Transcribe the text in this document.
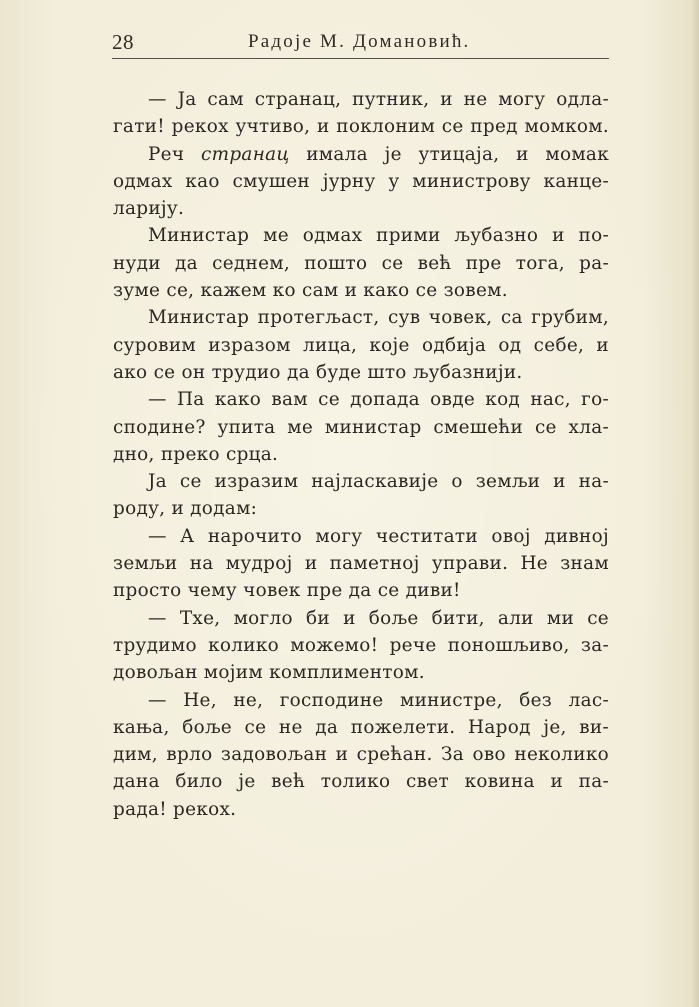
28	Радоје М. Домановић.
— Ја сам странац, путник, и не могу одла-
гати! рекох учтиво, и поклоним се пред момком.
Реч странац имала је утицаја, и момак
одмах као смушен јурну у министрову канце-
ларију.
Министар ме одмах прими љубазно и по-
нуди да седнем, пошто се већ пре тога, ра-
зуме се, кажем ко сам и како се зовем.
Министар протегљаст, сув човек, са грубим,
суровим изразом лица, које одбија од себе, и
ако се он трудио да буде што љубазнији.
— Па како вам се допада овде код нас, го-
сподине? упита ме министар смешећи се хла-
дно, преко срца.
Ја се изразим најласкавије о земљи и на-
роду, и додам:
— А нарочито могу честитати овој дивној
земљи на мудрој и паметној управи. Не знам
просто чему човек пре да се диви!
— Тхе, могло би и боље бити, али ми се
трудимо колико можемо! рече поношљиво, за-
довољан мојим комплиментом.
— Не, не, господине министре, без лас-
кања, боље се не да пожелети. Народ је, ви-
дим, врло задовољан и срећан. За ово неколико
дана било је већ толико свет ковина и па-
рада! рекох.
